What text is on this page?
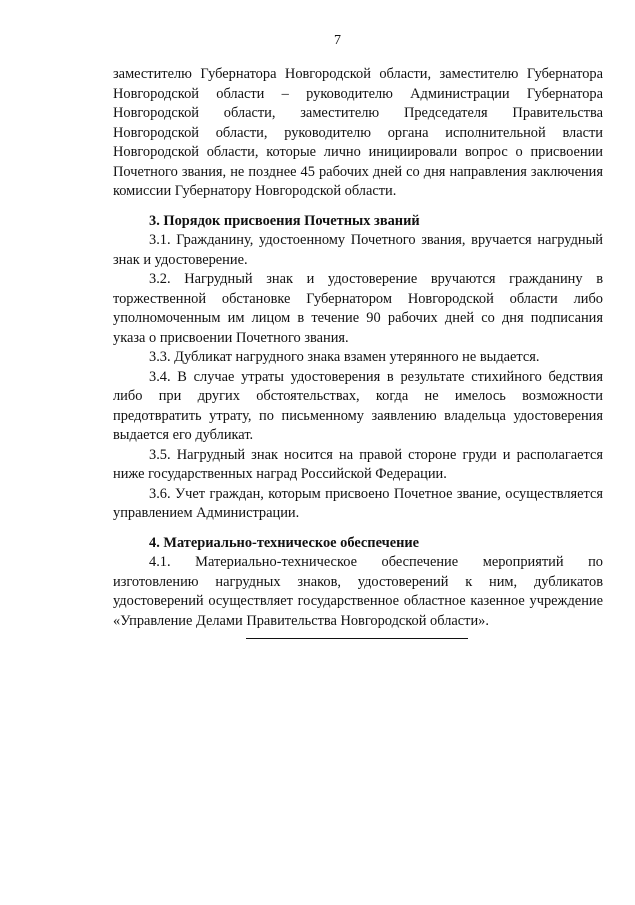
7

заместителю Губернатора Новгородской области, заместителю Губернатора Новгородской области – руководителю Администрации Губернатора Новгородской области, заместителю Председателя Правительства Новгородской области, руководителю органа исполнительной власти Новгородской области, которые лично инициировали вопрос о присвоении Почетного звания, не позднее 45 рабочих дней со дня направления заключения комиссии Губернатору Новгородской области.

3. Порядок присвоения Почетных званий

3.1. Гражданину, удостоенному Почетного звания, вручается нагрудный знак и удостоверение.

3.2. Нагрудный знак и удостоверение вручаются гражданину в торжественной обстановке Губернатором Новгородской области либо уполномоченным им лицом в течение 90 рабочих дней со дня подписания указа о присвоении Почетного звания.

3.3. Дубликат нагрудного знака взамен утерянного не выдается.

3.4. В случае утраты удостоверения в результате стихийного бедствия либо при других обстоятельствах, когда не имелось возможности предотвратить утрату, по письменному заявлению владельца удостоверения выдается его дубликат.

3.5. Нагрудный знак носится на правой стороне груди и располагается ниже государственных наград Российской Федерации.

3.6. Учет граждан, которым присвоено Почетное звание, осуществляется управлением Администрации.

4. Материально-техническое обеспечение

4.1. Материально-техническое обеспечение мероприятий по изготовлению нагрудных знаков, удостоверений к ним, дубликатов удостоверений осуществляет государственное областное казенное учреждение «Управление Делами Правительства Новгородской области».
